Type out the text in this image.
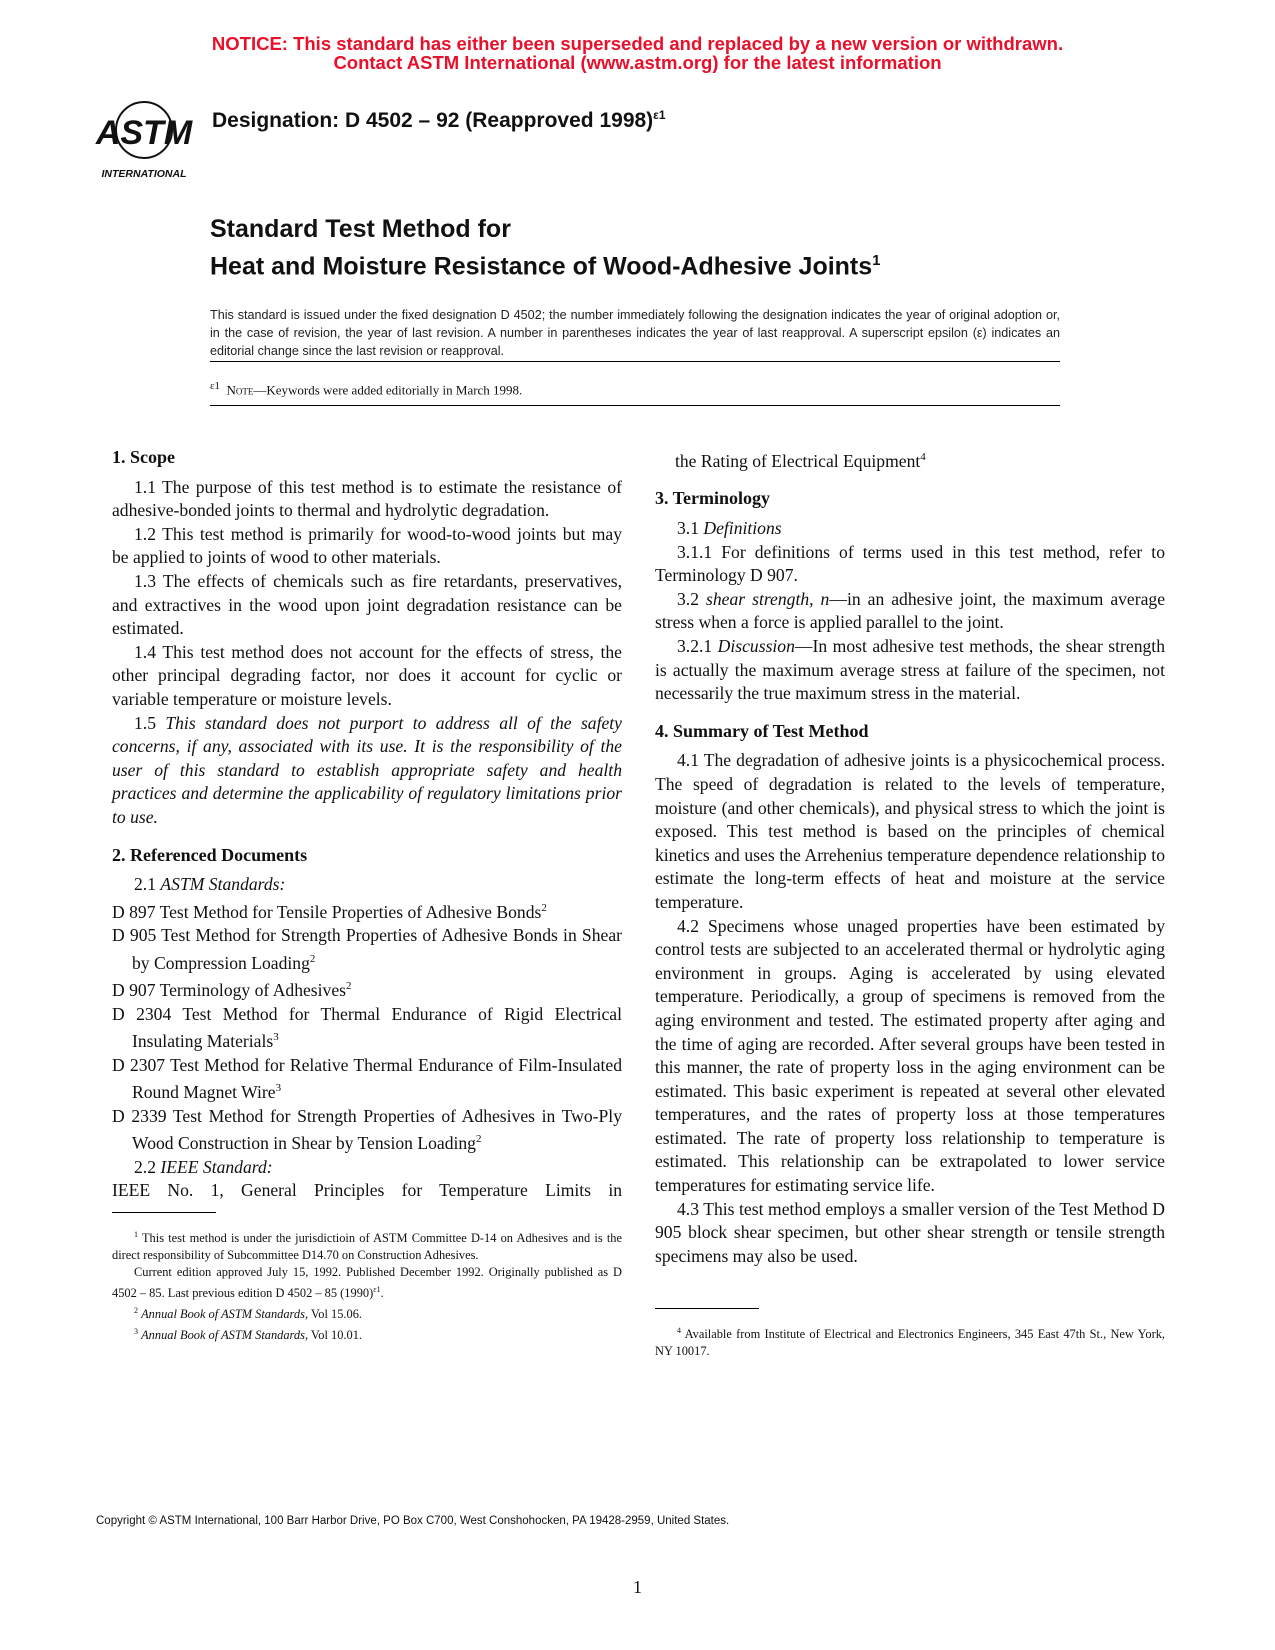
NOTICE: This standard has either been superseded and replaced by a new version or withdrawn.
Contact ASTM International (www.astm.org) for the latest information
ASTM
INTERNATIONAL
Designation: D 4502 – 92 (Reapproved 1998)$^{\varepsilon 1}$
Standard Test Method for
Heat and Moisture Resistance of Wood-Adhesive Joints$^1$
This standard is issued under the fixed designation D 4502; the number immediately following the designation indicates the year of original adoption or, in the case of revision, the year of last revision. A number in parentheses indicates the year of last reapproval. A superscript epsilon (ε) indicates an editorial change since the last revision or reapproval.
$^{\varepsilon 1}$ Note—Keywords were added editorially in March 1998.
1. Scope

1.1 The purpose of this test method is to estimate the resistance of adhesive-bonded joints to thermal and hydrolytic degradation.

1.2 This test method is primarily for wood-to-wood joints but may be applied to joints of wood to other materials.

1.3 The effects of chemicals such as fire retardants, preservatives, and extractives in the wood upon joint degradation resistance can be estimated.

1.4 This test method does not account for the effects of stress, the other principal degrading factor, nor does it account for cyclic or variable temperature or moisture levels.

1.5 This standard does not purport to address all of the safety concerns, if any, associated with its use. It is the responsibility of the user of this standard to establish appropriate safety and health practices and determine the applicability of regulatory limitations prior to use.

2. Referenced Documents

2.1 ASTM Standards:

D 897 Test Method for Tensile Properties of Adhesive Bonds$^2$

D 905 Test Method for Strength Properties of Adhesive Bonds in Shear by Compression Loading$^2$

D 907 Terminology of Adhesives$^2$

D 2304 Test Method for Thermal Endurance of Rigid Electrical Insulating Materials$^3$

D 2307 Test Method for Relative Thermal Endurance of Film-Insulated Round Magnet Wire$^3$

D 2339 Test Method for Strength Properties of Adhesives in Two-Ply Wood Construction in Shear by Tension Loading$^2$

2.2 IEEE Standard:

IEEE No. 1, General Principles for Temperature Limits in

$^1$ This test method is under the jurisdictioin of ASTM Committee D-14 on Adhesives and is the direct responsibility of Subcommittee D14.70 on Construction Adhesives.

Current edition approved July 15, 1992. Published December 1992. Originally published as D 4502 – 85. Last previous edition D 4502 – 85 $(1990)^{\varepsilon 1}$.

$^2$ Annual Book of ASTM Standards, Vol 15.06.

$^3$ Annual Book of ASTM Standards, Vol 10.01.

the Rating of Electrical Equipment$^4$

3. Terminology

3.1 Definitions

3.1.1 For definitions of terms used in this test method, refer to Terminology D 907.

3.2 shear strength, n—in an adhesive joint, the maximum average stress when a force is applied parallel to the joint.

3.2.1 Discussion—In most adhesive test methods, the shear strength is actually the maximum average stress at failure of the specimen, not necessarily the true maximum stress in the material.

4. Summary of Test Method

4.1 The degradation of adhesive joints is a physicochemical process. The speed of degradation is related to the levels of temperature, moisture (and other chemicals), and physical stress to which the joint is exposed. This test method is based on the principles of chemical kinetics and uses the Arrehenius temperature dependence relationship to estimate the long-term effects of heat and moisture at the service temperature.

4.2 Specimens whose unaged properties have been estimated by control tests are subjected to an accelerated thermal or hydrolytic aging environment in groups. Aging is accelerated by using elevated temperature. Periodically, a group of specimens is removed from the aging environment and tested. The estimated property after aging and the time of aging are recorded. After several groups have been tested in this manner, the rate of property loss in the aging environment can be estimated. This basic experiment is repeated at several other elevated temperatures, and the rates of property loss at those temperatures estimated. The rate of property loss relationship to temperature is estimated. This relationship can be extrapolated to lower service temperatures for estimating service life.

4.3 This test method employs a smaller version of the Test Method D 905 block shear specimen, but other shear strength or tensile strength specimens may also be used.

$^4$ Available from Institute of Electrical and Electronics Engineers, 345 East 47th St., New York, NY 10017.

Copyright © ASTM International, 100 Barr Harbor Drive, PO Box C700, West Conshohocken, PA 19428-2959, United States.
1
